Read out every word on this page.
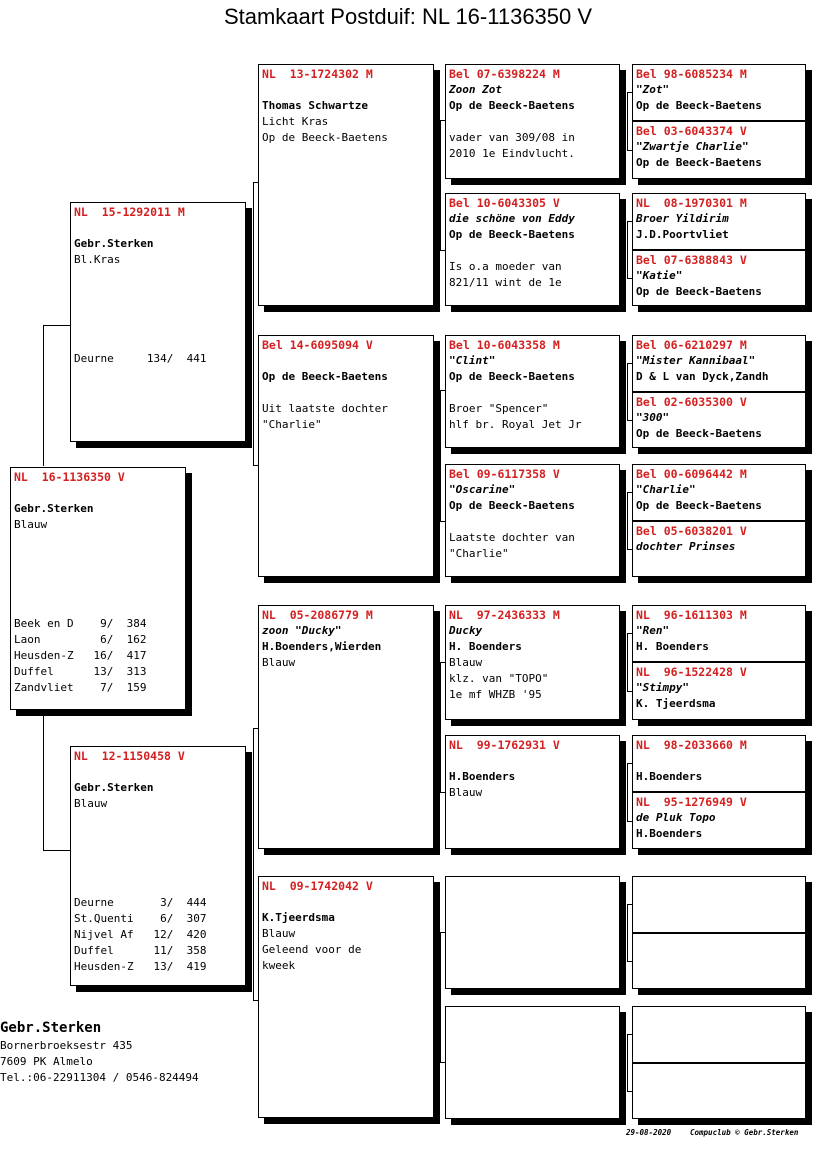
Stamkaart Postduif: NL 16-1136350 V
NL  16-1136350 V
Gebr.Sterken
Blauw
Beek en D    9/  384
Laon         6/  162
Heusden-Z   16/  417
Duffel      13/  313
Zandvliet    7/  159
NL  15-1292011 M
Gebr.Sterken
Bl.Kras
Deurne     134/  441
NL  12-1150458 V
Gebr.Sterken
Blauw
Deurne       3/  444
St.Quenti    6/  307
Nijvel Af   12/  420
Duffel      11/  358
Heusden-Z   13/  419
NL  13-1724302 M
Thomas Schwartze
Licht Kras
Op de Beeck-Baetens
Bel 14-6095094 V
Op de Beeck-Baetens
Uit laatste dochter
"Charlie"
NL  05-2086779 M
zoon "Ducky"
H.Boenders,Wierden
Blauw
NL  09-1742042 V
K.Tjeerdsma
Blauw
Geleend voor de
kweek
Bel 07-6398224 M
Zoon Zot
Op de Beeck-Baetens
vader van 309/08 in
2010 1e Eindvlucht.
Bel 10-6043305 V
die schöne von Eddy
Op de Beeck-Baetens
Is o.a moeder van
821/11 wint de 1e
Bel 10-6043358 M
"Clint"
Op de Beeck-Baetens
Broer "Spencer"
hlf br. Royal Jet Jr
Bel 09-6117358 V
"Oscarine"
Op de Beeck-Baetens
Laatste dochter van
"Charlie"
NL  97-2436333 M
Ducky
H. Boenders
Blauw
klz. van "TOPO"
1e mf WHZB '95
NL  99-1762931 V
H.Boenders
Blauw
Bel 98-6085234 M
"Zot"
Op de Beeck-Baetens
Bel 03-6043374 V
"Zwartje Charlie"
Op de Beeck-Baetens
NL  08-1970301 M
Broer Yildirim
J.D.Poortvliet
Bel 07-6388843 V
"Katie"
Op de Beeck-Baetens
Bel 06-6210297 M
"Mister Kannibaal"
D & L van Dyck,Zandh
Bel 02-6035300 V
"300"
Op de Beeck-Baetens
Bel 00-6096442 M
"Charlie"
Op de Beeck-Baetens
Bel 05-6038201 V
dochter Prinses
NL  96-1611303 M
"Ren"
H. Boenders
NL  96-1522428 V
"Stimpy"
K. Tjeerdsma
NL  98-2033660 M
H.Boenders
NL  95-1276949 V
de Pluk Topo
H.Boenders
Gebr.Sterken
Bornerbroeksestr 435
7609 PK Almelo
Tel.:06-22911304 / 0546-824494
29-08-2020	Compuclub © Gebr.Sterken
